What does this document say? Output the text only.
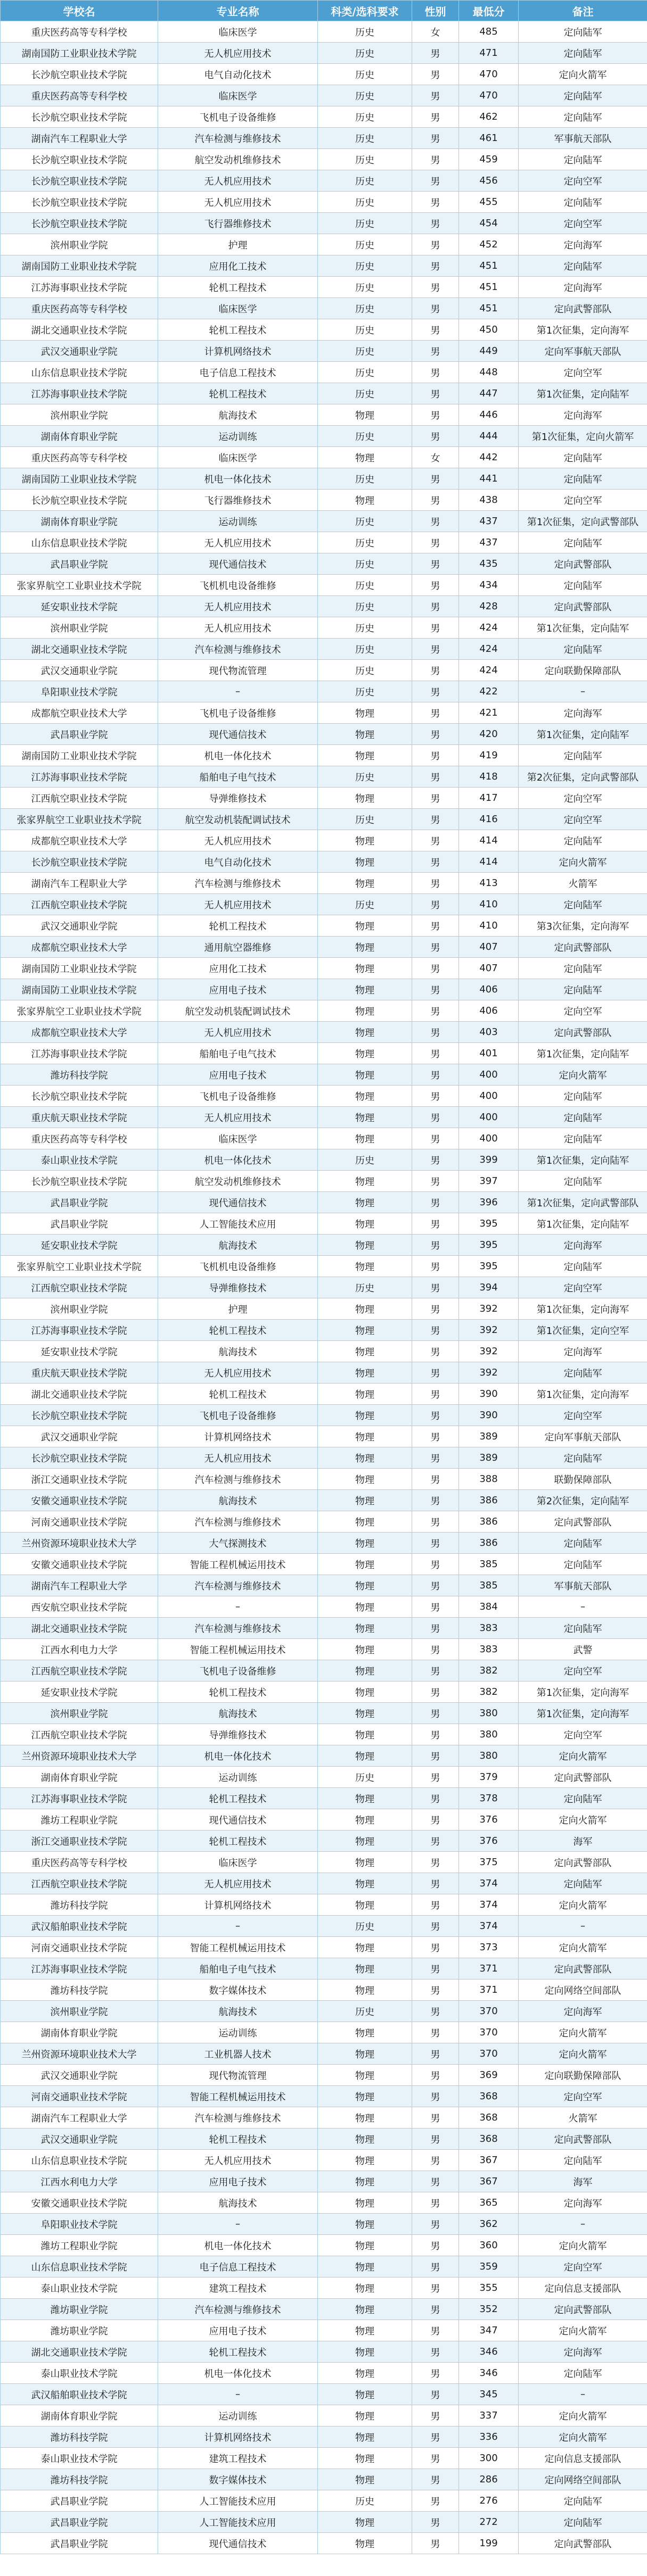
学校名	专业名称	科类/选科要求	性别	最低分	备注
重庆医药高等专科学校	临床医学	历史	女	485	定向陆军
湖南国防工业职业技术学院	无人机应用技术	历史	男	471	定向陆军
长沙航空职业技术学院	电气自动化技术	历史	男	470	定向火箭军
重庆医药高等专科学校	临床医学	历史	男	470	定向陆军
长沙航空职业技术学院	飞机电子设备维修	历史	男	462	定向陆军
湖南汽车工程职业大学	汽车检测与维修技术	历史	男	461	军事航天部队
长沙航空职业技术学院	航空发动机维修技术	历史	男	459	定向陆军
长沙航空职业技术学院	无人机应用技术	历史	男	456	定向空军
长沙航空职业技术学院	无人机应用技术	历史	男	455	定向陆军
长沙航空职业技术学院	飞行器维修技术	历史	男	454	定向空军
滨州职业学院	护理	历史	男	452	定向海军
湖南国防工业职业技术学院	应用化工技术	历史	男	451	定向陆军
江苏海事职业技术学院	轮机工程技术	历史	男	451	定向海军
重庆医药高等专科学校	临床医学	历史	男	451	定向武警部队
湖北交通职业技术学院	轮机工程技术	历史	男	450	第1次征集，定向海军
武汉交通职业学院	计算机网络技术	历史	男	449	定向军事航天部队
山东信息职业技术学院	电子信息工程技术	历史	男	448	定向空军
江苏海事职业技术学院	轮机工程技术	历史	男	447	第1次征集，定向陆军
滨州职业学院	航海技术	物理	男	446	定向海军
湖南体育职业学院	运动训练	历史	男	444	第1次征集，定向火箭军
重庆医药高等专科学校	临床医学	物理	女	442	定向陆军
湖南国防工业职业技术学院	机电一体化技术	历史	男	441	定向陆军
长沙航空职业技术学院	飞行器维修技术	物理	男	438	定向空军
湖南体育职业学院	运动训练	历史	男	437	第1次征集，定向武警部队
山东信息职业技术学院	无人机应用技术	历史	男	437	定向陆军
武昌职业学院	现代通信技术	历史	男	435	定向武警部队
张家界航空工业职业技术学院	飞机机电设备维修	历史	男	434	定向陆军
延安职业技术学院	无人机应用技术	历史	男	428	定向武警部队
滨州职业学院	无人机应用技术	历史	男	424	第1次征集，定向陆军
湖北交通职业技术学院	汽车检测与维修技术	历史	男	424	定向陆军
武汉交通职业学院	现代物流管理	历史	男	424	定向联勤保障部队
阜阳职业技术学院	–	历史	男	422	–
成都航空职业技术大学	飞机电子设备维修	物理	男	421	定向海军
武昌职业学院	现代通信技术	物理	男	420	第1次征集，定向陆军
湖南国防工业职业技术学院	机电一体化技术	物理	男	419	定向陆军
江苏海事职业技术学院	船舶电子电气技术	历史	男	418	第2次征集，定向武警部队
江西航空职业技术学院	导弹维修技术	物理	男	417	定向空军
张家界航空工业职业技术学院	航空发动机装配调试技术	历史	男	416	定向空军
成都航空职业技术大学	无人机应用技术	物理	男	414	定向陆军
长沙航空职业技术学院	电气自动化技术	物理	男	414	定向火箭军
湖南汽车工程职业大学	汽车检测与维修技术	物理	男	413	火箭军
江西航空职业技术学院	无人机应用技术	历史	男	410	定向陆军
武汉交通职业学院	轮机工程技术	物理	男	410	第3次征集，定向海军
成都航空职业技术大学	通用航空器维修	物理	男	407	定向武警部队
湖南国防工业职业技术学院	应用化工技术	物理	男	407	定向陆军
湖南国防工业职业技术学院	应用电子技术	物理	男	406	定向陆军
张家界航空工业职业技术学院	航空发动机装配调试技术	物理	男	406	定向空军
成都航空职业技术大学	无人机应用技术	物理	男	403	定向武警部队
江苏海事职业技术学院	船舶电子电气技术	物理	男	401	第1次征集，定向陆军
潍坊科技学院	应用电子技术	物理	男	400	定向火箭军
长沙航空职业技术学院	飞机电子设备维修	物理	男	400	定向陆军
重庆航天职业技术学院	无人机应用技术	物理	男	400	定向陆军
重庆医药高等专科学校	临床医学	物理	男	400	定向陆军
泰山职业技术学院	机电一体化技术	历史	男	399	第1次征集，定向陆军
长沙航空职业技术学院	航空发动机维修技术	物理	男	397	定向陆军
武昌职业学院	现代通信技术	物理	男	396	第1次征集，定向武警部队
武昌职业学院	人工智能技术应用	物理	男	395	第1次征集，定向陆军
延安职业技术学院	航海技术	物理	男	395	定向海军
张家界航空工业职业技术学院	飞机机电设备维修	物理	男	395	定向陆军
江西航空职业技术学院	导弹维修技术	历史	男	394	定向空军
滨州职业学院	护理	物理	男	392	第1次征集，定向海军
江苏海事职业技术学院	轮机工程技术	物理	男	392	第1次征集，定向空军
延安职业技术学院	航海技术	物理	男	392	定向海军
重庆航天职业技术学院	无人机应用技术	物理	男	392	定向陆军
湖北交通职业技术学院	轮机工程技术	物理	男	390	第1次征集，定向海军
长沙航空职业技术学院	飞机电子设备维修	物理	男	390	定向空军
武汉交通职业学院	计算机网络技术	物理	男	389	定向军事航天部队
长沙航空职业技术学院	无人机应用技术	物理	男	389	定向陆军
浙江交通职业技术学院	汽车检测与维修技术	物理	男	388	联勤保障部队
安徽交通职业技术学院	航海技术	物理	男	386	第2次征集，定向陆军
河南交通职业技术学院	汽车检测与维修技术	物理	男	386	定向武警部队
兰州资源环境职业技术大学	大气探测技术	物理	男	386	定向陆军
安徽交通职业技术学院	智能工程机械运用技术	物理	男	385	定向陆军
湖南汽车工程职业大学	汽车检测与维修技术	物理	男	385	军事航天部队
西安航空职业技术学院	–	物理	男	384	–
湖北交通职业技术学院	汽车检测与维修技术	物理	男	383	定向陆军
江西水利电力大学	智能工程机械运用技术	物理	男	383	武警
江西航空职业技术学院	飞机电子设备维修	物理	男	382	定向空军
延安职业技术学院	轮机工程技术	物理	男	382	第1次征集，定向海军
滨州职业学院	航海技术	物理	男	380	第1次征集，定向海军
江西航空职业技术学院	导弹维修技术	物理	男	380	定向空军
兰州资源环境职业技术大学	机电一体化技术	物理	男	380	定向火箭军
湖南体育职业学院	运动训练	历史	男	379	定向武警部队
江苏海事职业技术学院	轮机工程技术	物理	男	378	定向陆军
潍坊工程职业学院	现代通信技术	物理	男	376	定向火箭军
浙江交通职业技术学院	轮机工程技术	物理	男	376	海军
重庆医药高等专科学校	临床医学	物理	男	375	定向武警部队
江西航空职业技术学院	无人机应用技术	物理	男	374	定向陆军
潍坊科技学院	计算机网络技术	物理	男	374	定向火箭军
武汉船舶职业技术学院	–	历史	男	374	–
河南交通职业技术学院	智能工程机械运用技术	物理	男	373	定向火箭军
江苏海事职业技术学院	船舶电子电气技术	物理	男	371	定向武警部队
潍坊科技学院	数字媒体技术	物理	男	371	定向网络空间部队
滨州职业学院	航海技术	历史	男	370	定向海军
湖南体育职业学院	运动训练	物理	男	370	定向火箭军
兰州资源环境职业技术大学	工业机器人技术	物理	男	370	定向火箭军
武汉交通职业学院	现代物流管理	物理	男	369	定向联勤保障部队
河南交通职业技术学院	智能工程机械运用技术	物理	男	368	定向空军
湖南汽车工程职业大学	汽车检测与维修技术	物理	男	368	火箭军
武汉交通职业学院	轮机工程技术	物理	男	368	定向武警部队
山东信息职业技术学院	无人机应用技术	物理	男	367	定向陆军
江西水利电力大学	应用电子技术	物理	男	367	海军
安徽交通职业技术学院	航海技术	物理	男	365	定向海军
阜阳职业技术学院	–	物理	男	362	–
潍坊工程职业学院	机电一体化技术	物理	男	360	定向火箭军
山东信息职业技术学院	电子信息工程技术	物理	男	359	定向空军
泰山职业技术学院	建筑工程技术	物理	男	355	定向信息支援部队
潍坊职业学院	汽车检测与维修技术	物理	男	352	定向武警部队
潍坊职业学院	应用电子技术	物理	男	347	定向火箭军
湖北交通职业技术学院	轮机工程技术	物理	男	346	定向海军
泰山职业技术学院	机电一体化技术	物理	男	346	定向陆军
武汉船舶职业技术学院	–	物理	男	345	–
湖南体育职业学院	运动训练	物理	男	337	定向火箭军
潍坊科技学院	计算机网络技术	物理	男	336	定向火箭军
泰山职业技术学院	建筑工程技术	物理	男	300	定向信息支援部队
潍坊科技学院	数字媒体技术	物理	男	286	定向网络空间部队
武昌职业学院	人工智能技术应用	历史	男	276	定向陆军
武昌职业学院	人工智能技术应用	物理	男	272	定向陆军
武昌职业学院	现代通信技术	物理	男	199	定向武警部队
